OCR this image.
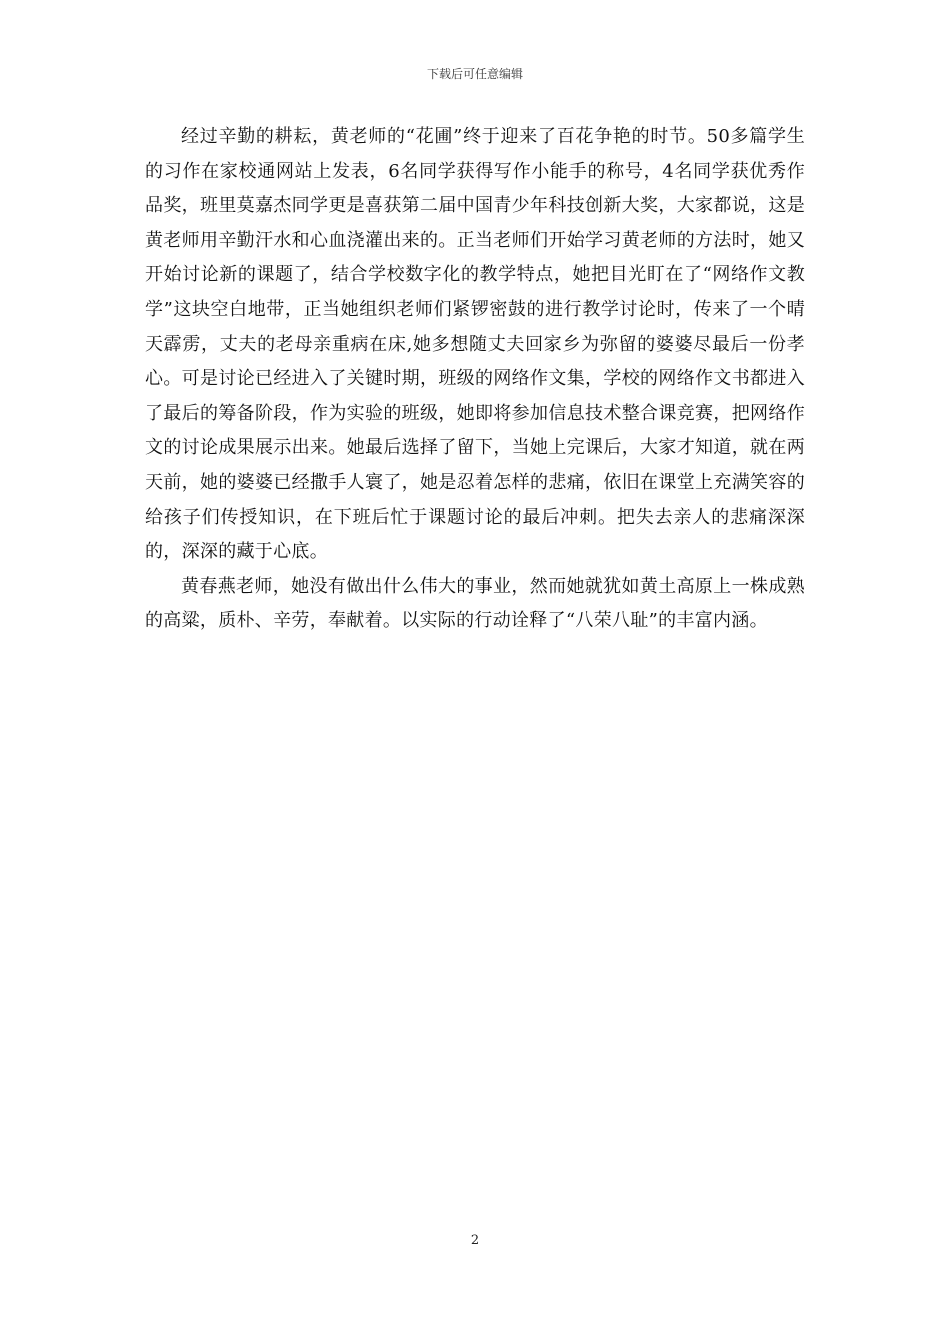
下载后可任意编辑

经过辛勤的耕耘，黄老师的“花圃”终于迎来了百花争艳的时节。50多篇学生的习作在家校通网站上发表，6名同学获得写作小能手的称号，4名同学获优秀作品奖，班里莫嘉杰同学更是喜获第二届中国青少年科技创新大奖，大家都说，这是黄老师用辛勤汗水和心血浇灌出来的。正当老师们开始学习黄老师的方法时，她又开始讨论新的课题了，结合学校数字化的教学特点，她把目光盯在了“网络作文教学”这块空白地带，正当她组织老师们紧锣密鼓的进行教学讨论时，传来了一个晴天霹雳，丈夫的老母亲重病在床,她多想随丈夫回家乡为弥留的婆婆尽最后一份孝心。可是讨论已经进入了关键时期，班级的网络作文集，学校的网络作文书都进入了最后的筹备阶段，作为实验的班级，她即将参加信息技术整合课竞赛，把网络作文的讨论成果展示出来。她最后选择了留下，当她上完课后，大家才知道，就在两天前，她的婆婆已经撒手人寰了，她是忍着怎样的悲痛，依旧在课堂上充满笑容的给孩子们传授知识，在下班后忙于课题讨论的最后冲刺。把失去亲人的悲痛深深的，深深的藏于心底。

黄春燕老师，她没有做出什么伟大的事业，然而她就犹如黄土高原上一株成熟的高粱，质朴、辛劳，奉献着。以实际的行动诠释了“八荣八耻”的丰富内涵。

2
